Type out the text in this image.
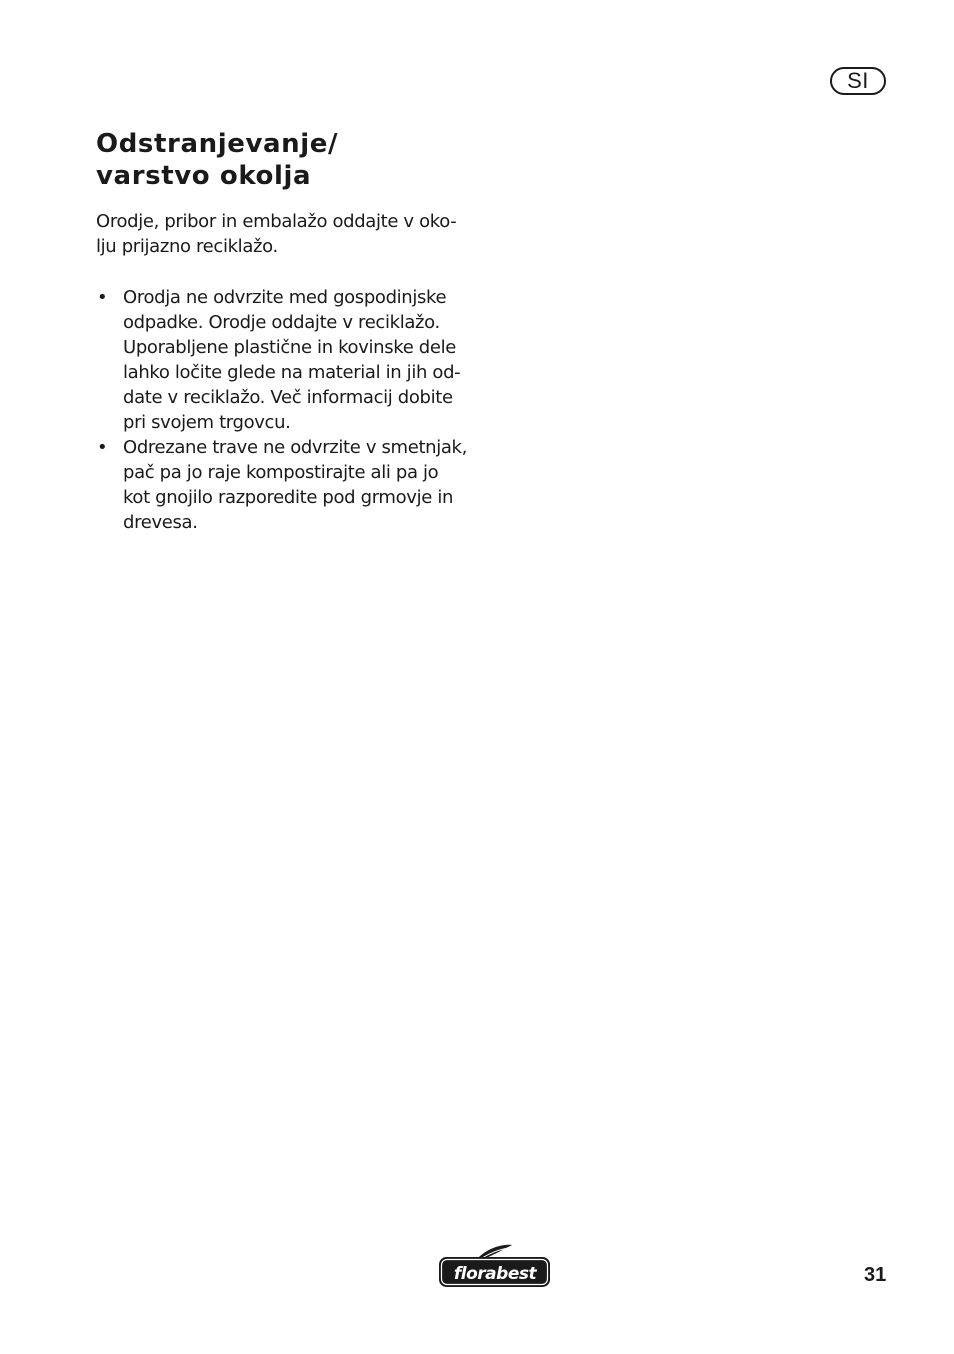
SI
Odstranjevanje/
varstvo okolja

Orodje, pribor in embalažo oddajte v oko-
lju prijazno reciklažo.

• Orodja ne odvrzite med gospodinjske
odpadke. Orodje oddajte v reciklažo.
Uporabljene plastične in kovinske dele
lahko ločite glede na material in jih od-
date v reciklažo. Več informacij dobite
pri svojem trgovcu.
• Odrezane trave ne odvrzite v smetnjak,
pač pa jo raje kompostirajte ali pa jo
kot gnojilo razporedite pod grmovje in
drevesa.
florabest	31
